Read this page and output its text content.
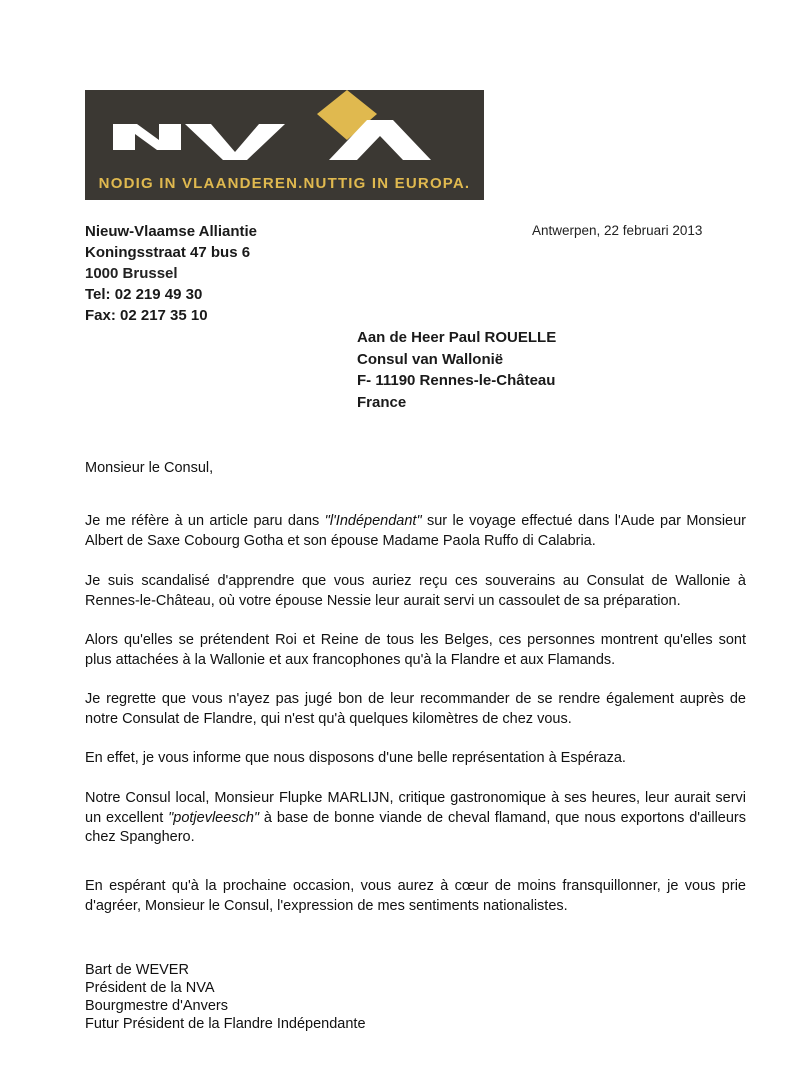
NODIG IN VLAANDEREN.NUTTIG IN EUROPA.
Nieuw-Vlaamse Alliantie
Koningsstraat 47 bus 6
1000 Brussel
Tel: 02 219 49 30
Fax: 02 217 35 10
Antwerpen, 22 februari 2013
Aan de Heer Paul ROUELLE
Consul van Wallonië
F- 11190 Rennes-le-Château
France
Monsieur le Consul,

Je me réfère à un article paru dans "l'Indépendant" sur le voyage effectué dans l'Aude par Monsieur Albert de Saxe Cobourg Gotha et son épouse Madame Paola Ruffo di Calabria.

Je suis scandalisé d'apprendre que vous auriez reçu ces souverains au Consulat de Wallonie à Rennes-le-Château, où votre épouse Nessie leur aurait servi un cassoulet de sa préparation.

Alors qu'elles se prétendent Roi et Reine de tous les Belges, ces personnes montrent qu'elles sont plus attachées à la Wallonie et aux francophones qu'à la Flandre et aux Flamands.

Je regrette que vous n'ayez pas jugé bon de leur recommander de se rendre également auprès de notre Consulat de Flandre, qui n'est qu'à quelques kilomètres de chez vous.

En effet, je vous informe que nous disposons d'une belle représentation à Espéraza.

Notre Consul local, Monsieur Flupke MARLIJN, critique gastronomique à ses heures, leur aurait servi un excellent "potjevleesch" à base de bonne viande de cheval flamand, que nous exportons d'ailleurs chez Spanghero.

En espérant qu'à la prochaine occasion, vous aurez à cœur de moins fransquillonner, je vous prie d'agréer, Monsieur le Consul, l'expression de mes sentiments nationalistes.

Bart de WEVER
Président de la NVA
Bourgmestre d'Anvers
Futur Président de la Flandre Indépendante
